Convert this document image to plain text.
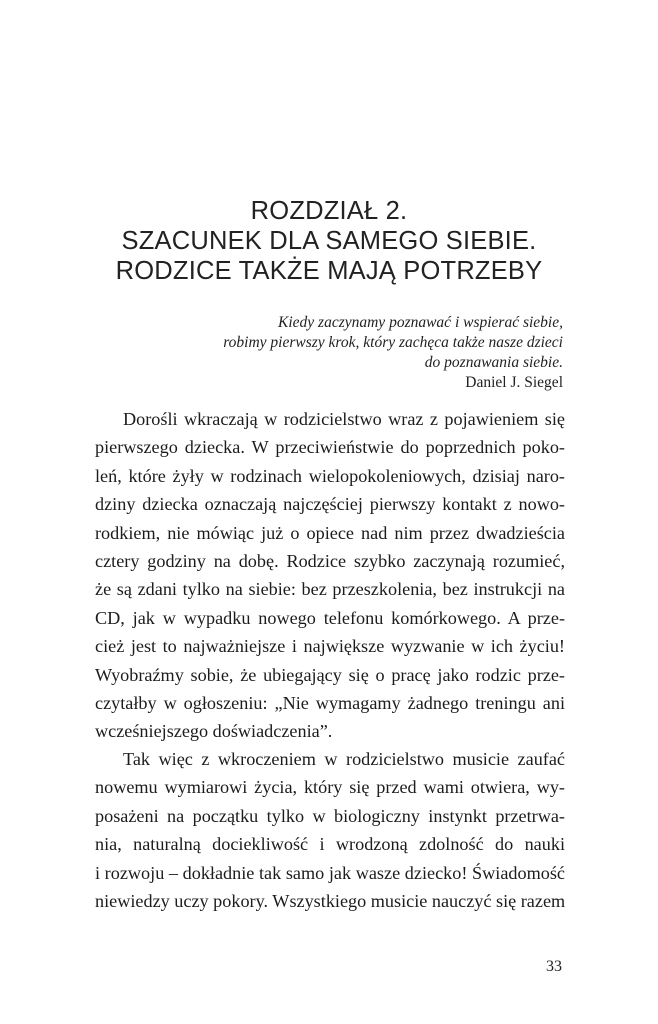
ROZDZIAŁ 2.
SZACUNEK DLA SAMEGO SIEBIE.
RODZICE TAKŻE MAJĄ POTRZEBY
Kiedy zaczynamy poznawać i wspierać siebie,
robimy pierwszy krok, który zachęca także nasze dzieci
do poznawania siebie.
Daniel J. Siegel
Dorośli wkraczają w rodzicielstwo wraz z pojawieniem się
pierwszego dziecka. W przeciwieństwie do poprzednich poko-
leń, które żyły w rodzinach wielopokoleniowych, dzisiaj naro-
dziny dziecka oznaczają najczęściej pierwszy kontakt z nowo-
rodkiem, nie mówiąc już o opiece nad nim przez dwadzieścia
cztery godziny na dobę. Rodzice szybko zaczynają rozumieć,
że są zdani tylko na siebie: bez przeszkolenia, bez instrukcji na
CD, jak w wypadku nowego telefonu komórkowego. A prze-
cież jest to najważniejsze i największe wyzwanie w ich życiu!
Wyobraźmy sobie, że ubiegający się o pracę jako rodzic prze-
czytałby w ogłoszeniu: „Nie wymagamy żadnego treningu ani
wcześniejszego doświadczenia”.
Tak więc z wkroczeniem w rodzicielstwo musicie zaufać
nowemu wymiarowi życia, który się przed wami otwiera, wy-
posażeni na początku tylko w biologiczny instynkt przetrwa-
nia, naturalną dociekliwość i wrodzoną zdolność do nauki
i rozwoju – dokładnie tak samo jak wasze dziecko! Świadomość
niewiedzy uczy pokory. Wszystkiego musicie nauczyć się razem
33
